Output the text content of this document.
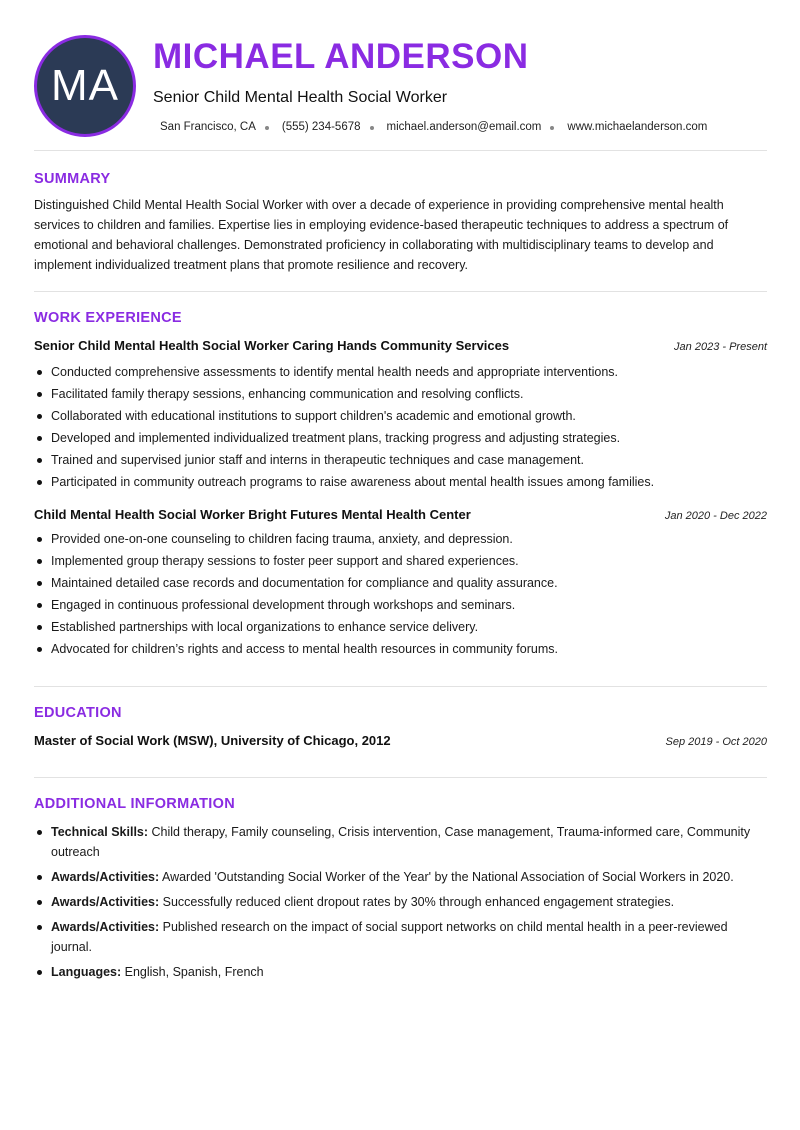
MA
MICHAEL ANDERSON
Senior Child Mental Health Social Worker
San Francisco, CA (555) 234-5678 michael.anderson@email.com www.michaelanderson.com
SUMMARY
Distinguished Child Mental Health Social Worker with over a decade of experience in providing comprehensive mental health services to children and families. Expertise lies in employing evidence-based therapeutic techniques to address a spectrum of emotional and behavioral challenges. Demonstrated proficiency in collaborating with multidisciplinary teams to develop and implement individualized treatment plans that promote resilience and recovery.
WORK EXPERIENCE
Senior Child Mental Health Social Worker Caring Hands Community Services	Jan 2023 - Present
Conducted comprehensive assessments to identify mental health needs and appropriate interventions.
Facilitated family therapy sessions, enhancing communication and resolving conflicts.
Collaborated with educational institutions to support children's academic and emotional growth.
Developed and implemented individualized treatment plans, tracking progress and adjusting strategies.
Trained and supervised junior staff and interns in therapeutic techniques and case management.
Participated in community outreach programs to raise awareness about mental health issues among families.
Child Mental Health Social Worker Bright Futures Mental Health Center	Jan 2020 - Dec 2022
Provided one-on-one counseling to children facing trauma, anxiety, and depression.
Implemented group therapy sessions to foster peer support and shared experiences.
Maintained detailed case records and documentation for compliance and quality assurance.
Engaged in continuous professional development through workshops and seminars.
Established partnerships with local organizations to enhance service delivery.
Advocated for children’s rights and access to mental health resources in community forums.
EDUCATION
Master of Social Work (MSW), University of Chicago, 2012	Sep 2019 - Oct 2020
ADDITIONAL INFORMATION
Technical Skills: Child therapy, Family counseling, Crisis intervention, Case management, Trauma-informed care, Community outreach
Awards/Activities: Awarded 'Outstanding Social Worker of the Year' by the National Association of Social Workers in 2020.
Awards/Activities: Successfully reduced client dropout rates by 30% through enhanced engagement strategies.
Awards/Activities: Published research on the impact of social support networks on child mental health in a peer-reviewed journal.
Languages: English, Spanish, French
